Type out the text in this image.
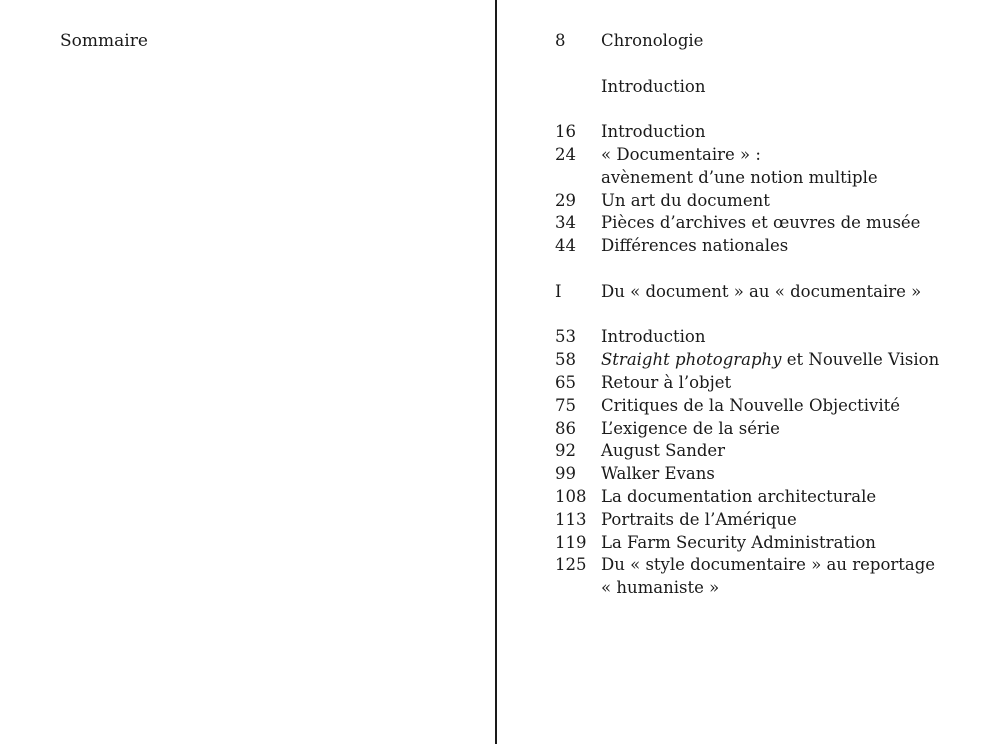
Sommaire	8	Chronologie
Introduction
16	Introduction
24	« Documentaire » :
avènement d’une notion multiple
29	Un art du document
34	Pièces d’archives et œuvres de musée
44	Différences nationales
I	Du « document » au « documentaire »
53	Introduction
58	Straight photography et Nouvelle Vision
65	Retour à l’objet
75	Critiques de la Nouvelle Objectivité
86	L’exigence de la série
92	August Sander
99	Walker Evans
108 La documentation architecturale
113 Portraits de l’Amérique
119 La Farm Security Administration
125 Du « style documentaire » au reportage
« humaniste »
